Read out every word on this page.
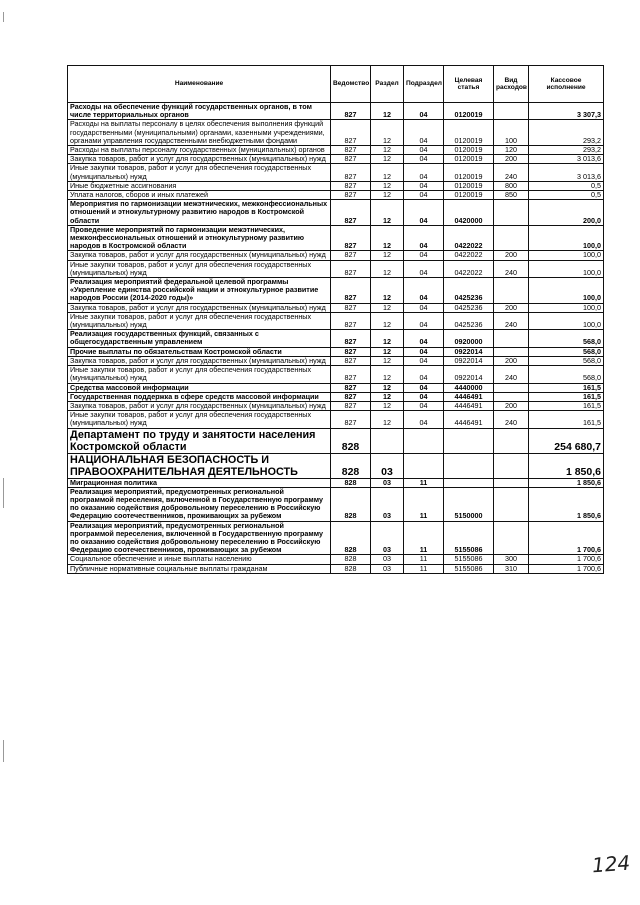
Наименование	Ведомство	Раздел	Подраздел	Целевая статья	Вид расходов	Кассовое исполнение
Расходы на обеспечение функций государственных органов, в том числе территориальных органов	827	12	04	0120019		3 307,3
Расходы на выплаты персоналу в целях обеспечения выполнения функций государственными (муниципальными) органами, казенными учреждениями, органами управления государственными внебюджетными фондами	827	12	04	0120019	100	293,2
Расходы на выплаты персоналу государственных (муниципальных) органов	827	12	04	0120019	120	293,2
Закупка товаров, работ и услуг для государственных (муниципальных) нужд	827	12	04	0120019	200	3 013,6
Иные закупки товаров, работ и услуг для обеспечения государственных (муниципальных) нужд	827	12	04	0120019	240	3 013,6
Иные бюджетные ассигнования	827	12	04	0120019	800	0,5
Уплата налогов, сборов и иных платежей	827	12	04	0120019	850	0,5
Мероприятия по гармонизации межэтнических, межконфессиональных отношений и этнокультурному развитию народов в Костромской области	827	12	04	0420000		200,0
Проведение мероприятий по гармонизации межэтнических, межконфессиональных отношений и этнокультурному развитию народов в Костромской области	827	12	04	0422022		100,0
Закупка товаров, работ и услуг для государственных (муниципальных) нужд	827	12	04	0422022	200	100,0
Иные закупки товаров, работ и услуг для обеспечения государственных (муниципальных) нужд	827	12	04	0422022	240	100,0
Реализация мероприятий федеральной целевой программы «Укрепление единства российской нации и этнокультурное развитие народов России (2014-2020 годы)»	827	12	04	0425236		100,0
Закупка товаров, работ и услуг для государственных (муниципальных) нужд	827	12	04	0425236	200	100,0
Иные закупки товаров, работ и услуг для обеспечения государственных (муниципальных) нужд	827	12	04	0425236	240	100,0
Реализация государственных функций, связанных с общегосударственным управлением	827	12	04	0920000		568,0
Прочие выплаты по обязательствам Костромской области	827	12	04	0922014		568,0
Закупка товаров, работ и услуг для государственных (муниципальных) нужд	827	12	04	0922014	200	568,0
Иные закупки товаров, работ и услуг для обеспечения государственных (муниципальных) нужд	827	12	04	0922014	240	568,0
Средства массовой информации	827	12	04	4440000		161,5
Государственная поддержка в сфере средств массовой информации	827	12	04	4446491		161,5
Закупка товаров, работ и услуг для государственных (муниципальных) нужд	827	12	04	4446491	200	161,5
Иные закупки товаров, работ и услуг для обеспечения государственных (муниципальных) нужд	827	12	04	4446491	240	161,5
Департамент по труду и занятости населения Костромской области	828					254 680,7
НАЦИОНАЛЬНАЯ БЕЗОПАСНОСТЬ И ПРАВООХРАНИТЕЛЬНАЯ ДЕЯТЕЛЬНОСТЬ	828	03				1 850,6
Миграционная политика	828	03	11			1 850,6
Реализация мероприятий, предусмотренных региональной программой переселения, включенной в Государственную программу по оказанию содействия добровольному переселению в Российскую Федерацию соотечественников, проживающих за рубежом	828	03	11	5150000		1 850,6
Реализация мероприятий, предусмотренных региональной программой переселения, включенной в Государственную программу по оказанию содействия добровольному переселению в Российскую Федерацию соотечественников, проживающих за рубежом	828	03	11	5155086		1 700,6
Социальное обеспечение и иные выплаты населению	828	03	11	5155086	300	1 700,6
Публичные нормативные социальные выплаты гражданам	828	03	11	5155086	310	1 700,6
124
